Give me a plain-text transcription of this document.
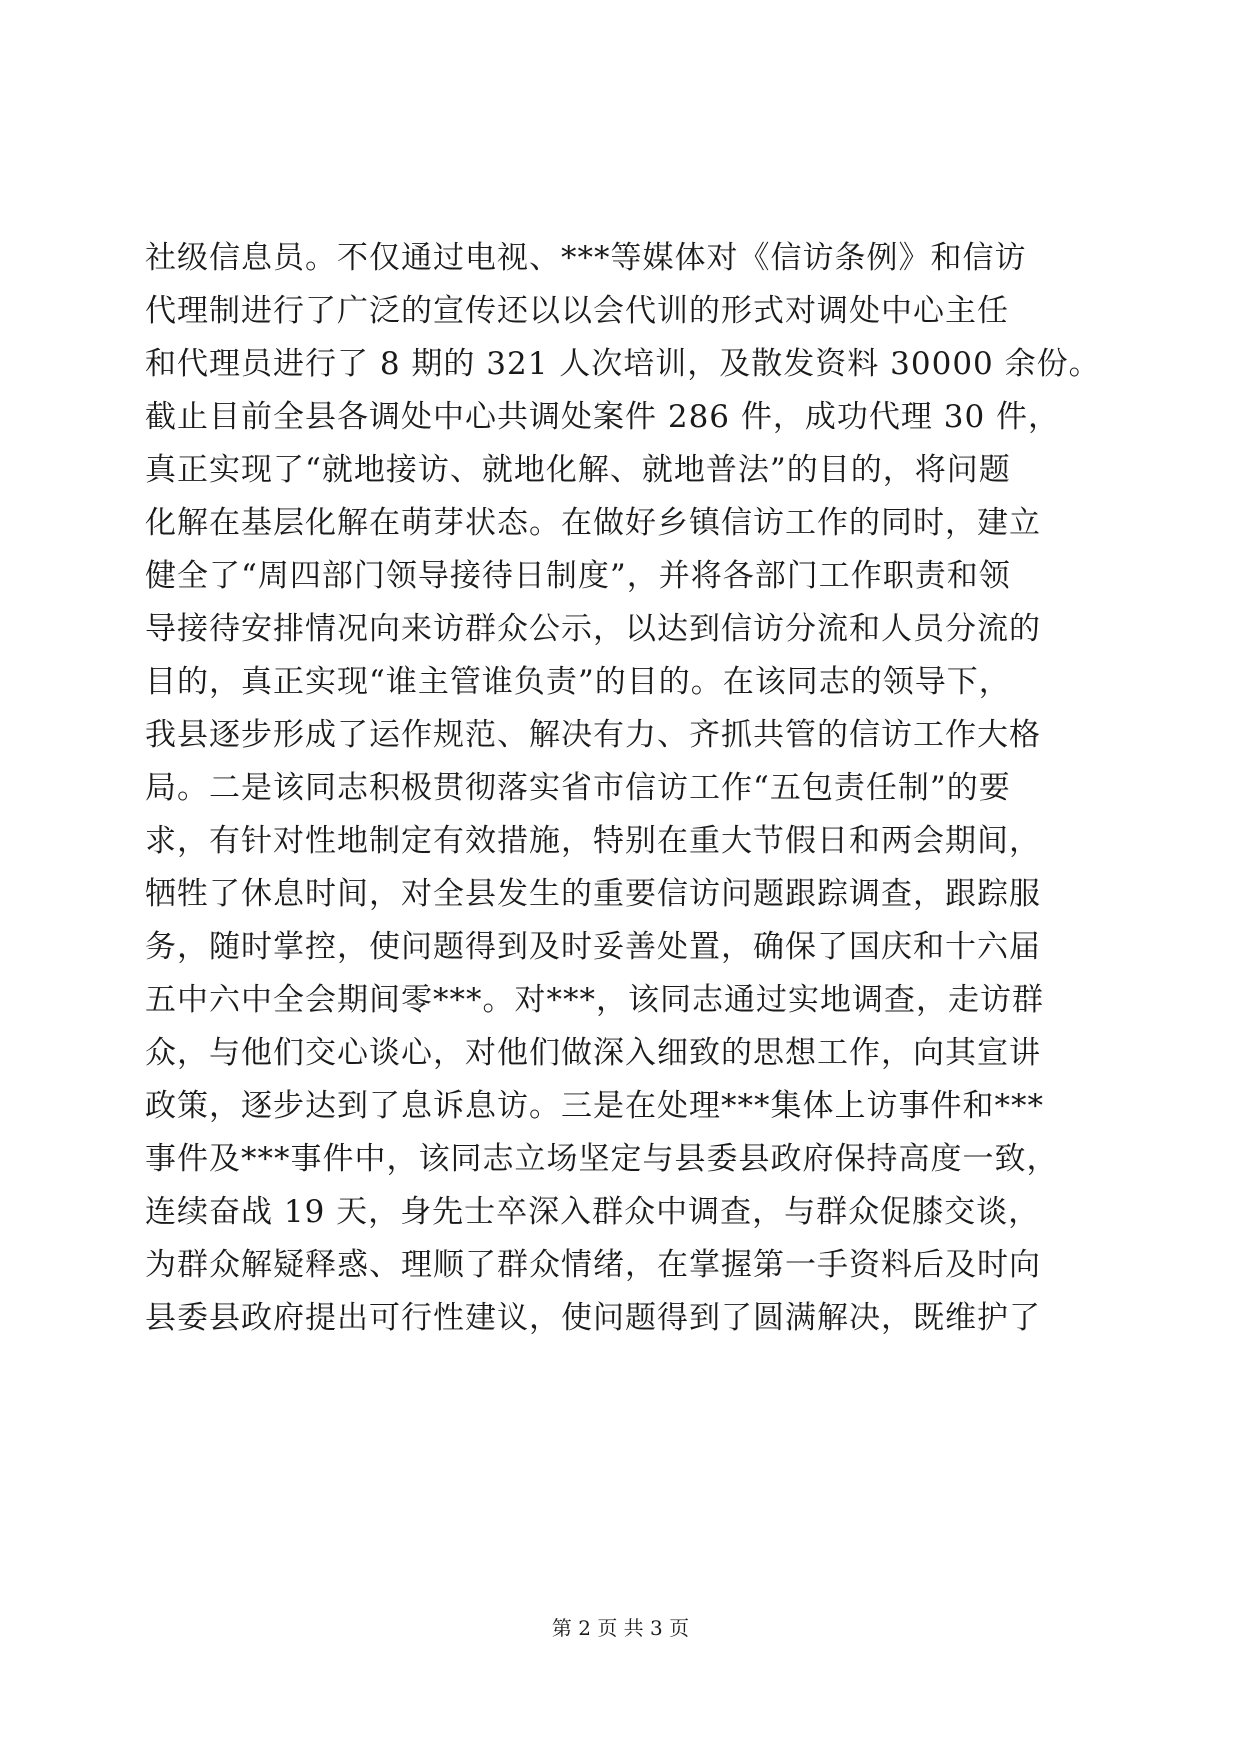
社级信息员。不仅通过电视、***等媒体对《信访条例》和信访
代理制进行了广泛的宣传还以以会代训的形式对调处中心主任
和代理员进行了 8 期的 321 人次培训，及散发资料 30000 余份。
截止目前全县各调处中心共调处案件 286 件，成功代理 30 件，
真正实现了“就地接访、就地化解、就地普法”的目的，将问题
化解在基层化解在萌芽状态。在做好乡镇信访工作的同时，建立
健全了“周四部门领导接待日制度”，并将各部门工作职责和领
导接待安排情况向来访群众公示，以达到信访分流和人员分流的
目的，真正实现“谁主管谁负责”的目的。在该同志的领导下，
我县逐步形成了运作规范、解决有力、齐抓共管的信访工作大格
局。二是该同志积极贯彻落实省市信访工作“五包责任制”的要
求，有针对性地制定有效措施，特别在重大节假日和两会期间，
牺牲了休息时间，对全县发生的重要信访问题跟踪调查，跟踪服
务，随时掌控，使问题得到及时妥善处置，确保了国庆和十六届
五中六中全会期间零***。对***，该同志通过实地调查，走访群
众，与他们交心谈心，对他们做深入细致的思想工作，向其宣讲
政策，逐步达到了息诉息访。三是在处理***集体上访事件和***
事件及***事件中，该同志立场坚定与县委县政府保持高度一致，
连续奋战 19 天，身先士卒深入群众中调查，与群众促膝交谈，
为群众解疑释惑、理顺了群众情绪，在掌握第一手资料后及时向
县委县政府提出可行性建议，使问题得到了圆满解决，既维护了
第 2 页 共 3 页
